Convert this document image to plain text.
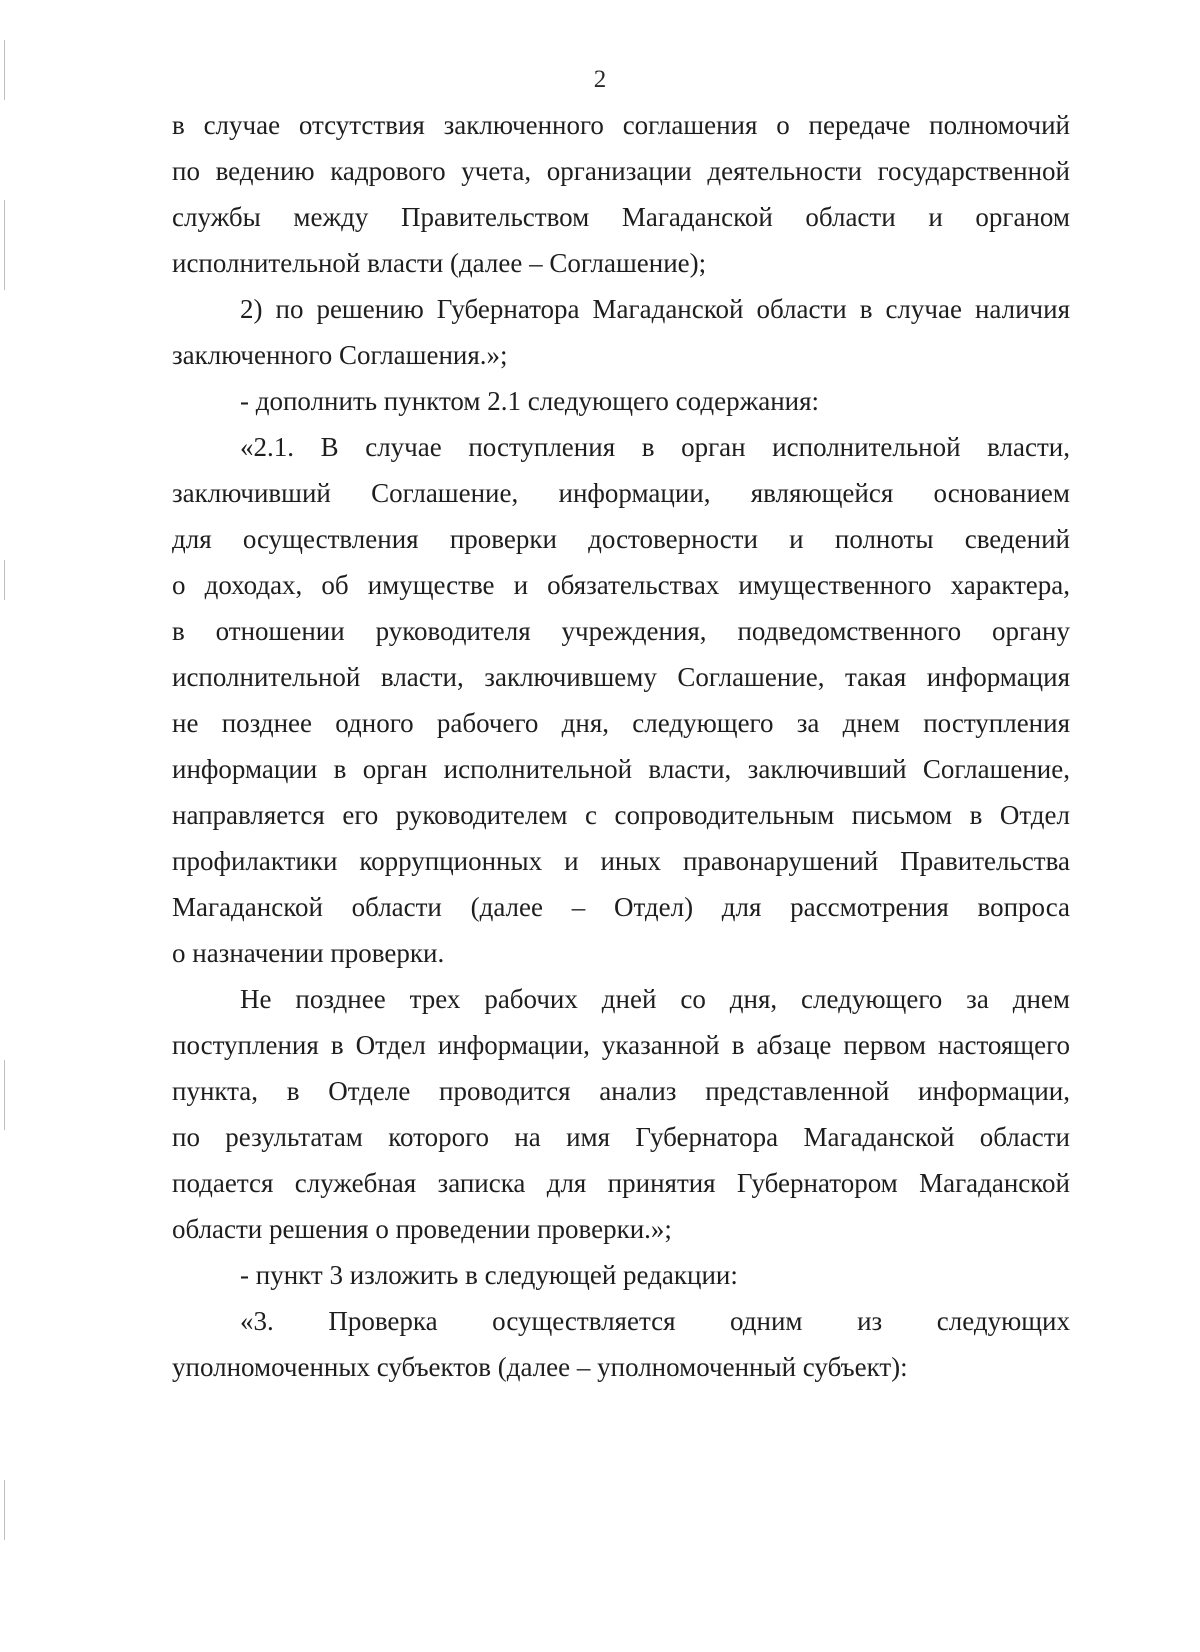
2
в случае отсутствия заключенного соглашения о передаче полномочий
по ведению кадрового учета, организации деятельности государственной
службы между Правительством Магаданской области и органом
исполнительной власти (далее – Соглашение);
2) по решению Губернатора Магаданской области в случае наличия
заключенного Соглашения.»;
- дополнить пунктом 2.1 следующего содержания:
«2.1. В случае поступления в орган исполнительной власти,
заключивший Соглашение, информации, являющейся основанием
для осуществления проверки достоверности и полноты сведений
о доходах, об имуществе и обязательствах имущественного характера,
в отношении руководителя учреждения, подведомственного органу
исполнительной власти, заключившему Соглашение, такая информация
не позднее одного рабочего дня, следующего за днем поступления
информации в орган исполнительной власти, заключивший Соглашение,
направляется его руководителем с сопроводительным письмом в Отдел
профилактики коррупционных и иных правонарушений Правительства
Магаданской области (далее – Отдел) для рассмотрения вопроса
о назначении проверки.
Не позднее трех рабочих дней со дня, следующего за днем
поступления в Отдел информации, указанной в абзаце первом настоящего
пункта, в Отделе проводится анализ представленной информации,
по результатам которого на имя Губернатора Магаданской области
подается служебная записка для принятия Губернатором Магаданской
области решения о проведении проверки.»;
- пункт 3 изложить в следующей редакции:
«3. Проверка осуществляется одним из следующих
уполномоченных субъектов (далее – уполномоченный субъект):
